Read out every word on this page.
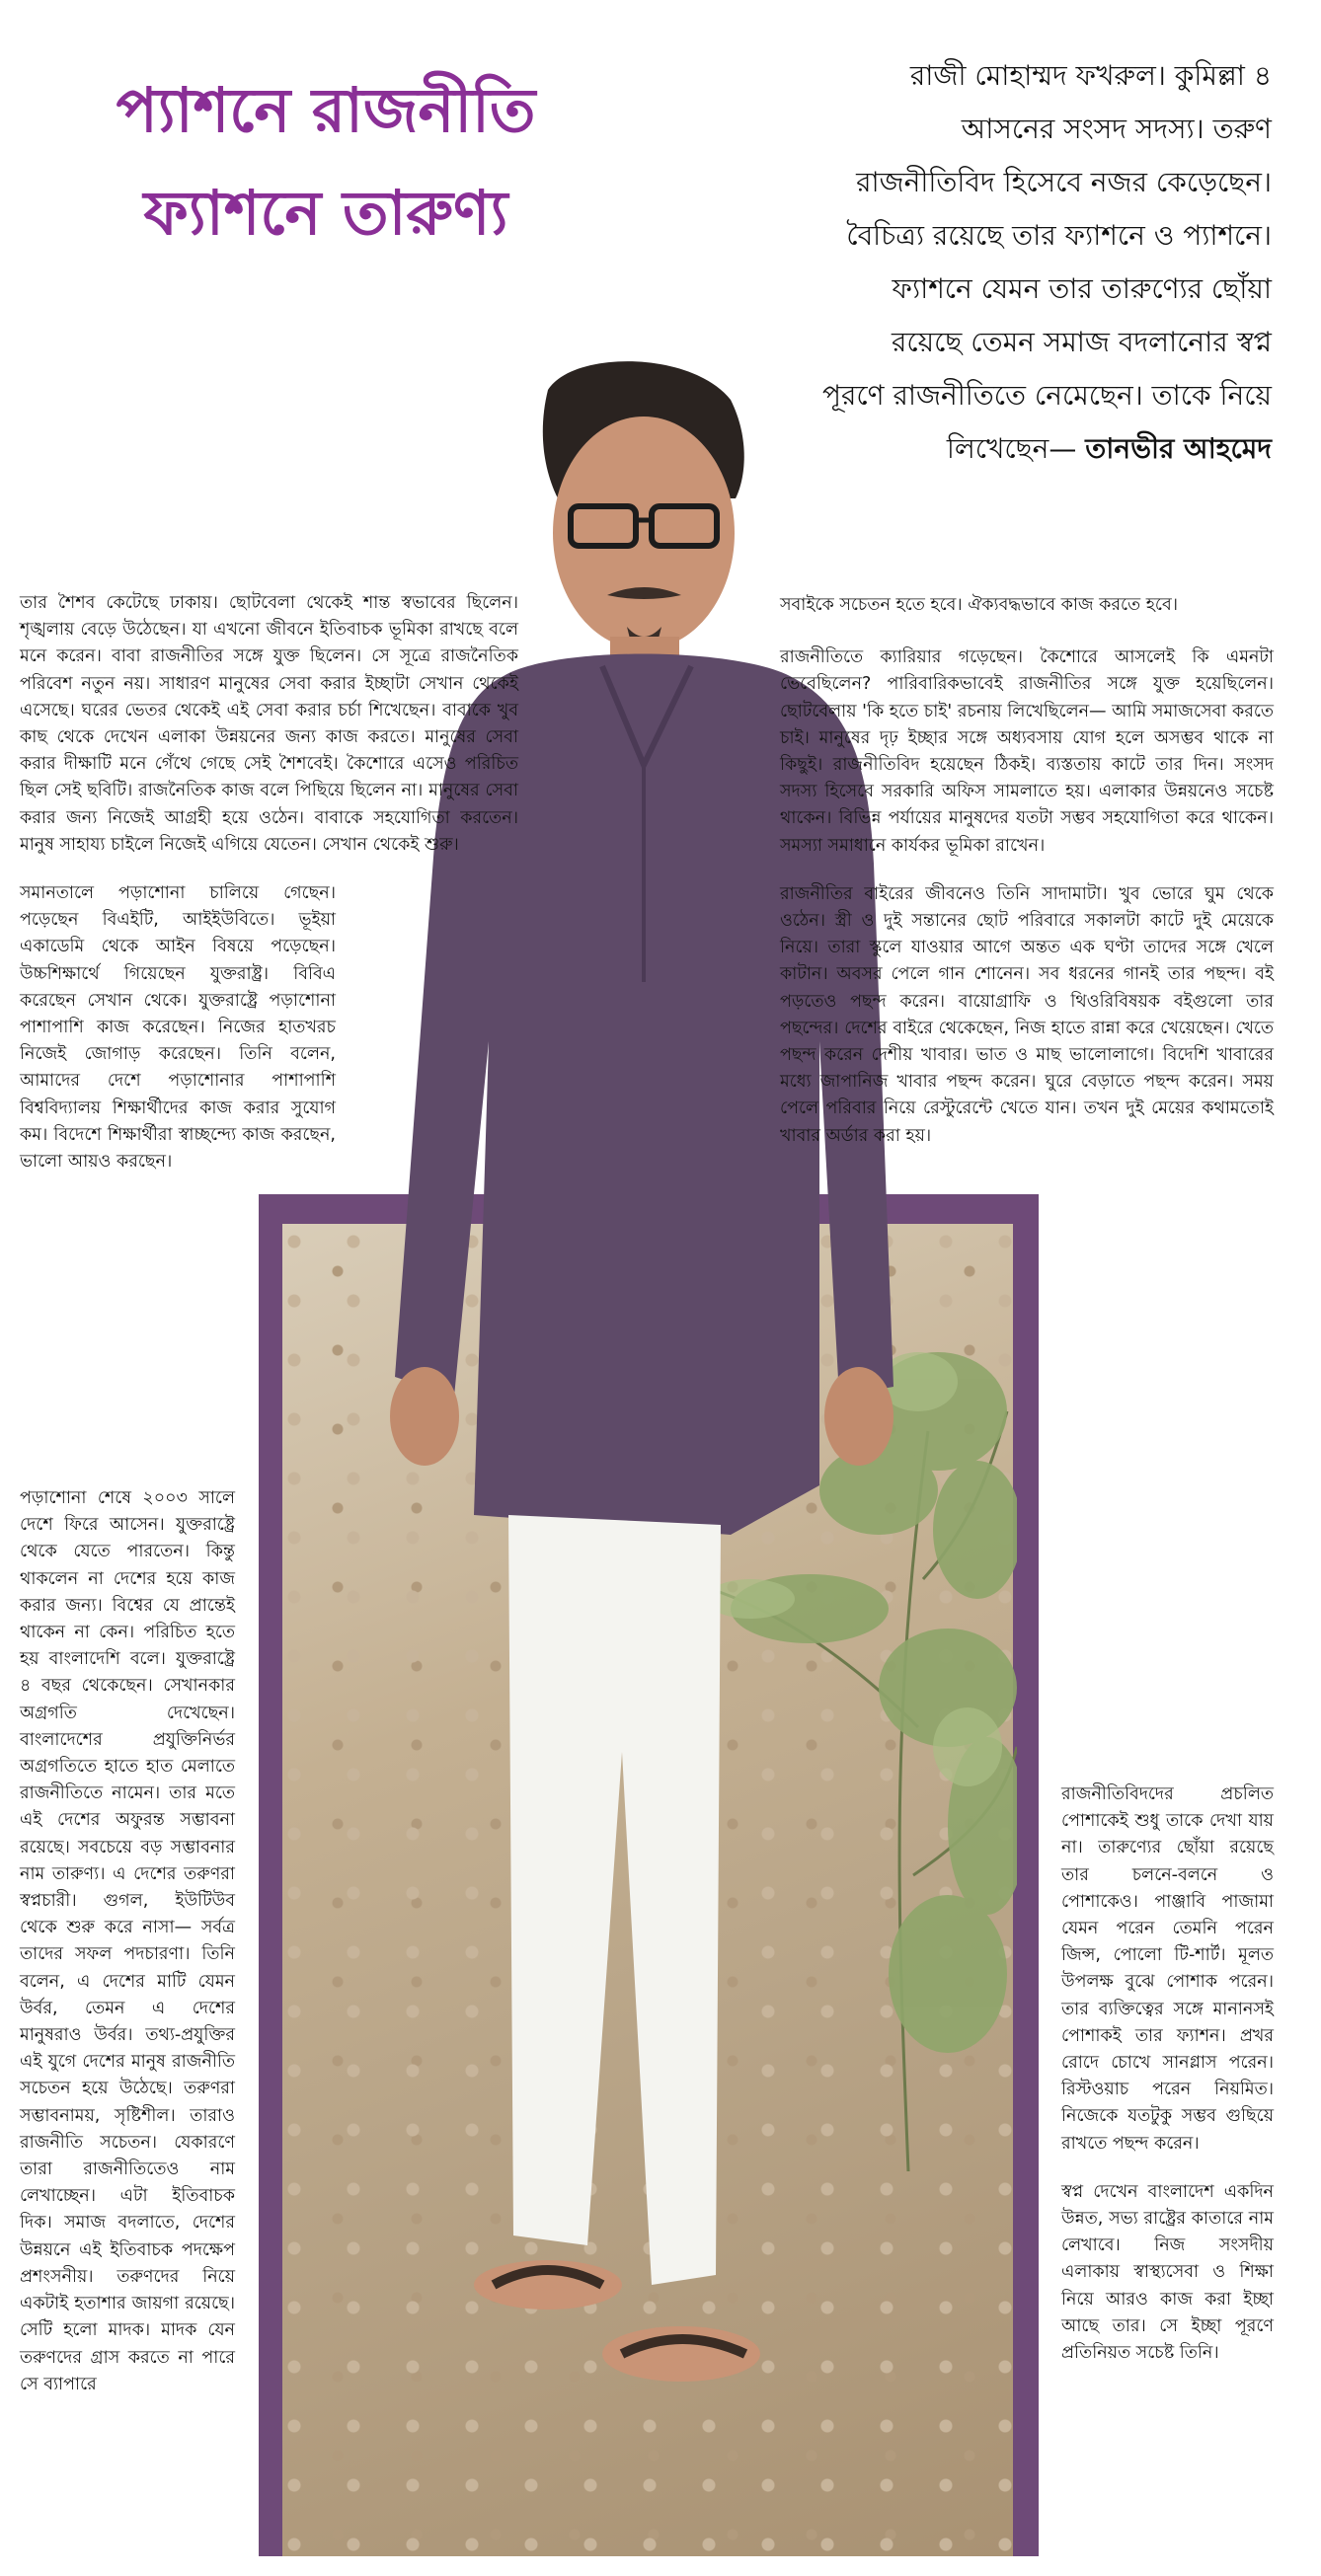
প্যাশনে রাজনীতি
ফ্যাশনে তারুণ্য
রাজী মোহাম্মদ ফখরুল। কুমিল্লা ৪
আসনের সংসদ সদস্য। তরুণ
রাজনীতিবিদ হিসেবে নজর কেড়েছেন।
বৈচিত্র্য রয়েছে তার ফ্যাশনে ও প্যাশনে।
ফ্যাশনে যেমন তার তারুণ্যের ছোঁয়া
রয়েছে তেমন সমাজ বদলানোর স্বপ্ন
পূরণে রাজনীতিতে নেমেছেন। তাকে নিয়ে
লিখেছেন— তানভীর আহমেদ

তার শৈশব কেটেছে ঢাকায়। ছোটবেলা থেকেই শান্ত স্বভাবের ছিলেন। শৃঙ্খলায় বেড়ে উঠেছেন। যা এখনো জীবনে ইতিবাচক ভূমিকা রাখছে বলে মনে করেন। বাবা রাজনীতির সঙ্গে যুক্ত ছিলেন। সে সূত্রে রাজনৈতিক পরিবেশ নতুন নয়। সাধারণ মানুষের সেবা করার ইচ্ছাটা সেখান থেকেই এসেছে। ঘরের ভেতর থেকেই এই সেবা করার চর্চা শিখেছেন। বাবাকে খুব কাছ থেকে দেখেন এলাকা উন্নয়নের জন্য কাজ করতে। মানুষের সেবা করার দীক্ষাটি মনে গেঁথে গেছে সেই শৈশবেই। কৈশোরে এসেও পরিচিত ছিল সেই ছবিটি। রাজনৈতিক কাজ বলে পিছিয়ে ছিলেন না। মানুষের সেবা করার জন্য নিজেই আগ্রহী হয়ে ওঠেন। বাবাকে সহযোগিতা করতেন। মানুষ সাহায্য চাইলে নিজেই এগিয়ে যেতেন। সেখান থেকেই শুরু।

সমানতালে পড়াশোনা চালিয়ে গেছেন। পড়েছেন বিএইটি, আইইউবিতে। ভূইয়া একাডেমি থেকে আইন বিষয়ে পড়েছেন। উচ্চশিক্ষার্থে গিয়েছেন যুক্তরাষ্ট্র। বিবিএ করেছেন সেখান থেকে। যুক্তরাষ্ট্রে পড়াশোনা পাশাপাশি কাজ করেছেন। নিজের হাতখরচ নিজেই জোগাড় করেছেন। তিনি বলেন, আমাদের দেশে পড়াশোনার পাশাপাশি বিশ্ববিদ্যালয় শিক্ষার্থীদের কাজ করার সুযোগ কম। বিদেশে শিক্ষার্থীরা স্বাচ্ছন্দ্যে কাজ করছেন, ভালো আয়ও করছেন।

পড়াশোনা শেষে ২০০৩ সালে দেশে ফিরে আসেন। যুক্তরাষ্ট্রে থেকে যেতে পারতেন। কিন্তু থাকলেন না দেশের হয়ে কাজ করার জন্য। বিশ্বের যে প্রান্তেই থাকেন না কেন। পরিচিত হতে হয় বাংলাদেশি বলে। যুক্তরাষ্ট্রে ৪ বছর থেকেছেন। সেখানকার অগ্রগতি দেখেছেন। বাংলাদেশের প্রযুক্তিনির্ভর অগ্রগতিতে হাতে হাত মেলাতে রাজনীতিতে নামেন। তার মতে এই দেশের অফুরন্ত সম্ভাবনা রয়েছে। সবচেয়ে বড় সম্ভাবনার নাম তারুণ্য। এ দেশের তরুণরা স্বপ্নচারী। গুগল, ইউটিউব থেকে শুরু করে নাসা— সর্বত্র তাদের সফল পদচারণা। তিনি বলেন, এ দেশের মাটি যেমন উর্বর, তেমন এ দেশের মানুষরাও উর্বর। তথ্য-প্রযুক্তির এই যুগে দেশের মানুষ রাজনীতি সচেতন হয়ে উঠেছে। তরুণরা সম্ভাবনাময়, সৃষ্টিশীল। তারাও রাজনীতি সচেতন। যেকারণে তারা রাজনীতিতেও নাম লেখাচ্ছেন। এটা ইতিবাচক দিক। সমাজ বদলাতে, দেশের উন্নয়নে এই ইতিবাচক পদক্ষেপ প্রশংসনীয়। তরুণদের নিয়ে একটাই হতাশার জায়গা রয়েছে। সেটি হলো মাদক। মাদক যেন তরুণদের গ্রাস করতে না পারে সে ব্যাপারে

সবাইকে সচেতন হতে হবে। ঐক্যবদ্ধভাবে কাজ করতে হবে।

রাজনীতিতে ক্যারিয়ার গড়েছেন। কৈশোরে আসলেই কি এমনটা ভেবেছিলেন? পারিবারিকভাবেই রাজনীতির সঙ্গে যুক্ত হয়েছিলেন। ছোটবেলায় 'কি হতে চাই' রচনায় লিখেছিলেন— আমি সমাজসেবা করতে চাই। মানুষের দৃঢ় ইচ্ছার সঙ্গে অধ্যবসায় যোগ হলে অসম্ভব থাকে না কিছুই। রাজনীতিবিদ হয়েছেন ঠিকই। ব্যস্ততায় কাটে তার দিন। সংসদ সদস্য হিসেবে সরকারি অফিস সামলাতে হয়। এলাকার উন্নয়নেও সচেষ্ট থাকেন। বিভিন্ন পর্যায়ের মানুষদের যতটা সম্ভব সহযোগিতা করে থাকেন। সমস্যা সমাধানে কার্যকর ভূমিকা রাখেন।

রাজনীতির বাইরের জীবনেও তিনি সাদামাটা। খুব ভোরে ঘুম থেকে ওঠেন। স্ত্রী ও দুই সন্তানের ছোট পরিবারে সকালটা কাটে দুই মেয়েকে নিয়ে। তারা স্কুলে যাওয়ার আগে অন্তত এক ঘণ্টা তাদের সঙ্গে খেলে কাটান। অবসর পেলে গান শোনেন। সব ধরনের গানই তার পছন্দ। বই পড়তেও পছন্দ করেন। বায়োগ্রাফি ও থিওরিবিষয়ক বইগুলো তার পছন্দের। দেশের বাইরে থেকেছেন, নিজ হাতে রান্না করে খেয়েছেন। খেতে পছন্দ করেন দেশীয় খাবার। ভাত ও মাছ ভালোলাগে। বিদেশি খাবারের মধ্যে জাপানিজ খাবার পছন্দ করেন। ঘুরে বেড়াতে পছন্দ করেন। সময় পেলে পরিবার নিয়ে রেস্টুরেন্টে খেতে যান। তখন দুই মেয়ের কথামতোই খাবার অর্ডার করা হয়।

রাজনীতিবিদদের প্রচলিত পোশাকেই শুধু তাকে দেখা যায় না। তারুণ্যের ছোঁয়া রয়েছে তার চলনে-বলনে ও পোশাকেও। পাঞ্জাবি পাজামা যেমন পরেন তেমনি পরেন জিন্স, পোলো টি-শার্ট। মূলত উপলক্ষ বুঝে পোশাক পরেন। তার ব্যক্তিত্বের সঙ্গে মানানসই পোশাকই তার ফ্যাশন। প্রখর রোদে চোখে সানগ্লাস পরেন। রিস্টওয়াচ পরেন নিয়মিত। নিজেকে যতটুকু সম্ভব গুছিয়ে রাখতে পছন্দ করেন।

স্বপ্ন দেখেন বাংলাদেশ একদিন উন্নত, সভ্য রাষ্ট্রের কাতারে নাম লেখাবে। নিজ সংসদীয় এলাকায় স্বাস্থ্যসেবা ও শিক্ষা নিয়ে আরও কাজ করা ইচ্ছা আছে তার। সে ইচ্ছা পূরণে প্রতিনিয়ত সচেষ্ট তিনি।
